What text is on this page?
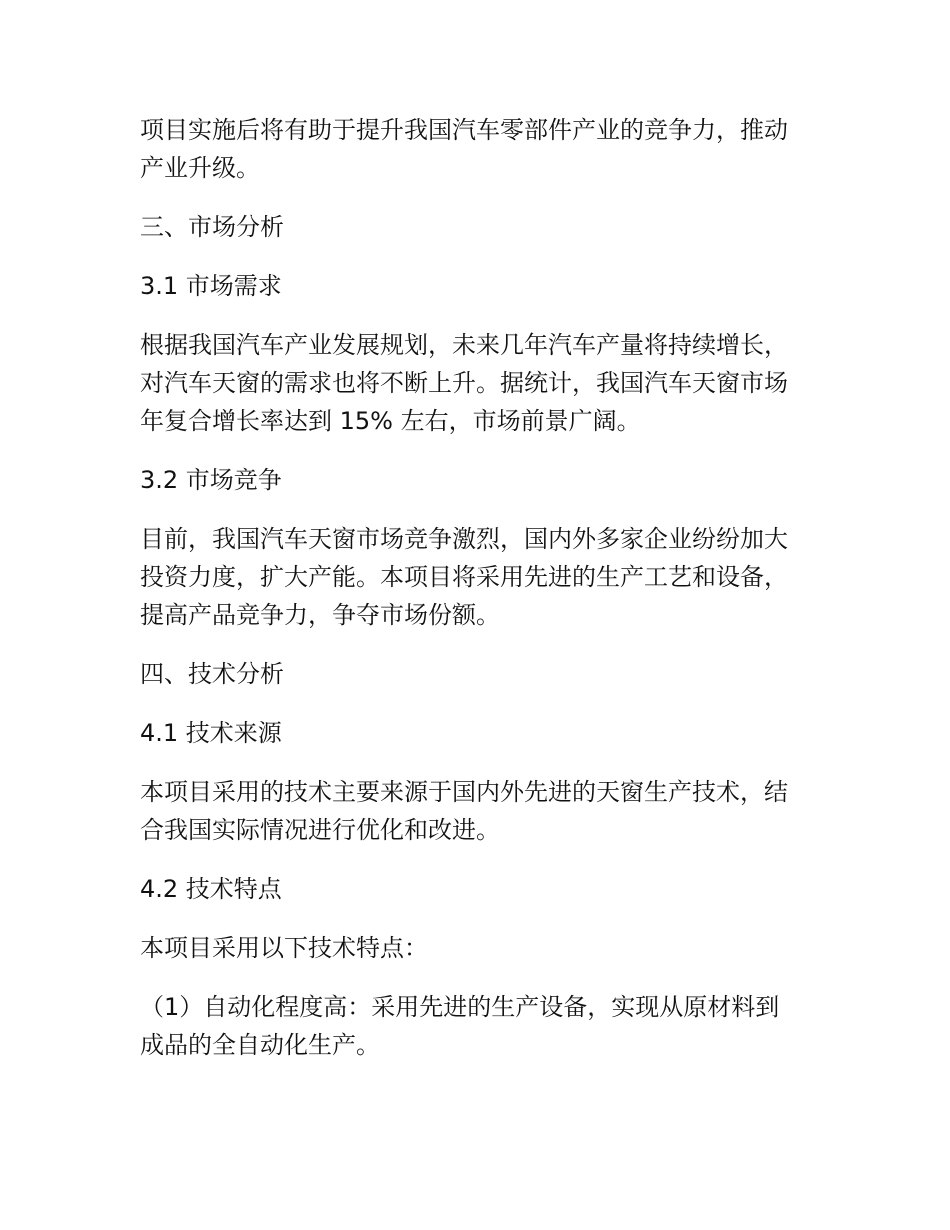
项目实施后将有助于提升我国汽车零部件产业的竞争力，推动
产业升级。
三、市场分析
3.1 市场需求
根据我国汽车产业发展规划，未来几年汽车产量将持续增长，
对汽车天窗的需求也将不断上升。据统计，我国汽车天窗市场
年复合增长率达到 15% 左右，市场前景广阔。
3.2 市场竞争
目前，我国汽车天窗市场竞争激烈，国内外多家企业纷纷加大
投资力度，扩大产能。本项目将采用先进的生产工艺和设备，
提高产品竞争力，争夺市场份额。
四、技术分析
4.1 技术来源
本项目采用的技术主要来源于国内外先进的天窗生产技术，结
合我国实际情况进行优化和改进。
4.2 技术特点
本项目采用以下技术特点：
（1）自动化程度高：采用先进的生产设备，实现从原材料到
成品的全自动化生产。
